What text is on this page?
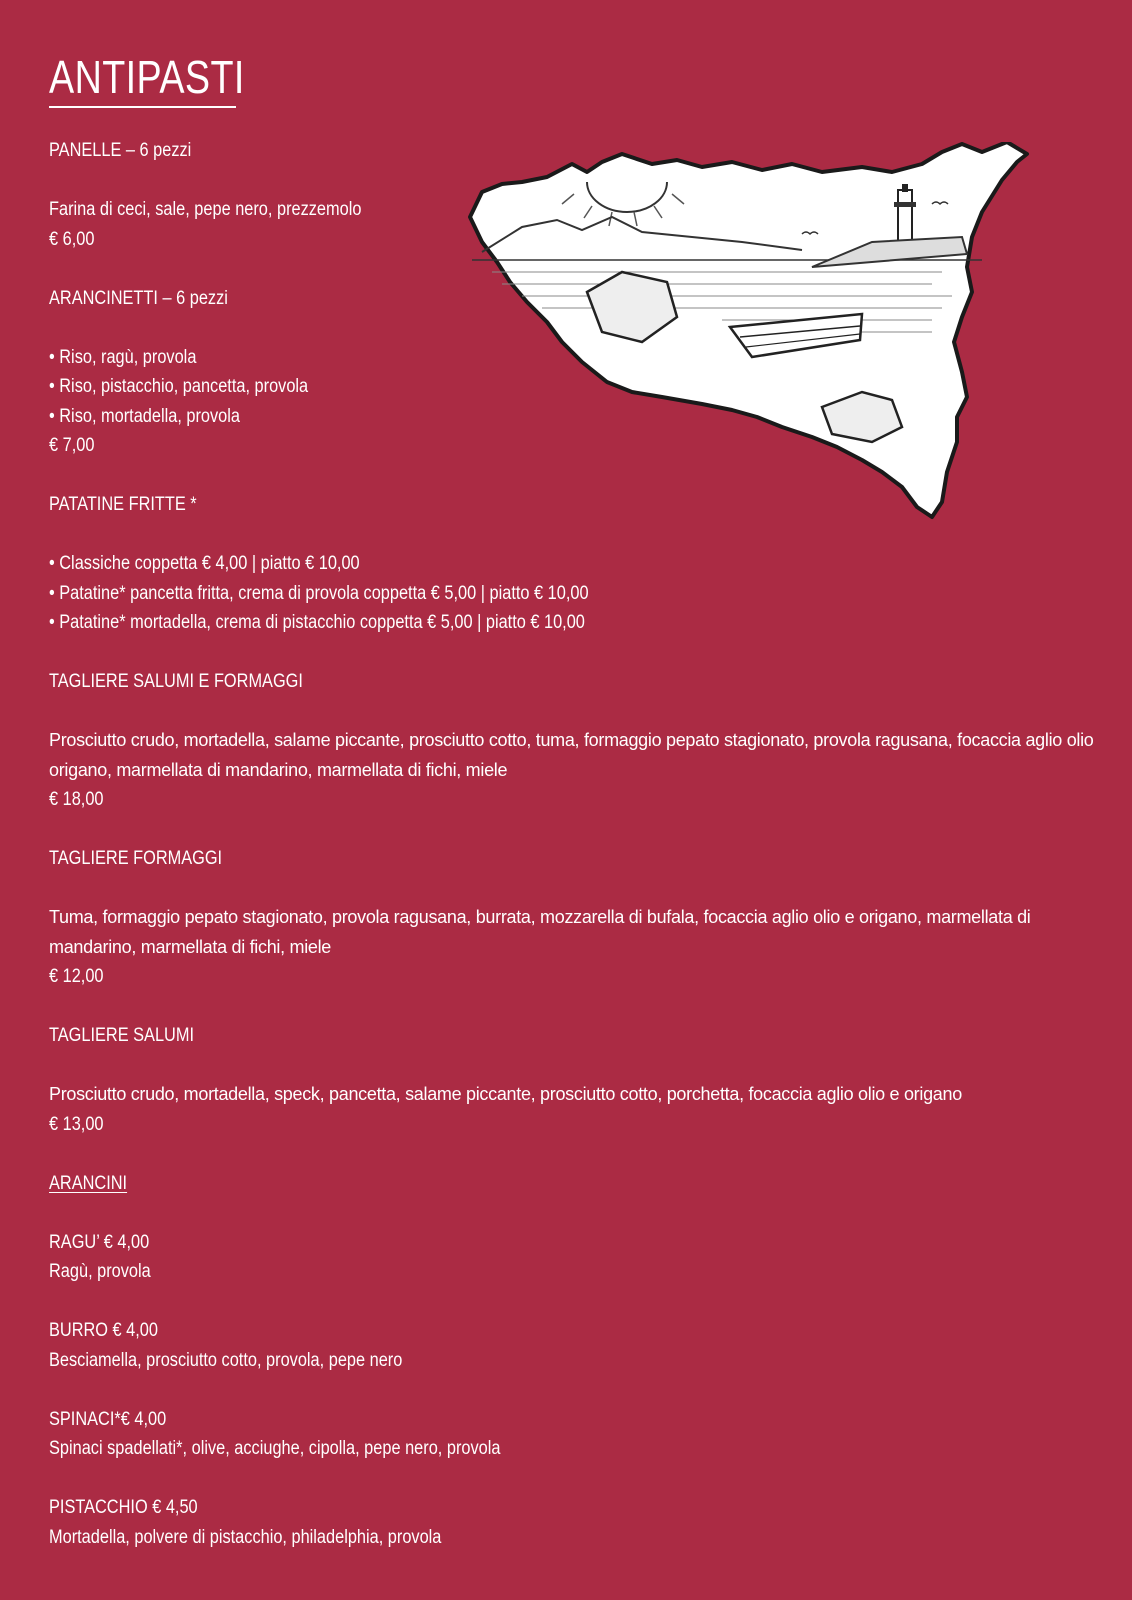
ANTIPASTI
PANELLE – 6 pezzi
Farina di ceci, sale, pepe nero, prezzemolo
€ 6,00
ARANCINETTI – 6 pezzi
• Riso, ragù, provola
• Riso, pistacchio, pancetta, provola
• Riso, mortadella, provola
€ 7,00
PATATINE FRITTE *
• Classiche coppetta € 4,00 | piatto € 10,00
• Patatine* pancetta fritta, crema di provola coppetta € 5,00 | piatto € 10,00
• Patatine* mortadella, crema di pistacchio coppetta € 5,00 | piatto € 10,00
TAGLIERE SALUMI E FORMAGGI
Prosciutto crudo, mortadella, salame piccante, prosciutto cotto, tuma, formaggio pepato stagionato, provola ragusana, focaccia aglio olio origano, marmellata di mandarino, marmellata di fichi, miele
€ 18,00
TAGLIERE FORMAGGI
Tuma, formaggio pepato stagionato, provola ragusana, burrata, mozzarella di bufala, focaccia aglio olio e origano, marmellata di mandarino, marmellata di fichi, miele
€ 12,00
TAGLIERE SALUMI
Prosciutto crudo, mortadella, speck, pancetta, salame piccante, prosciutto cotto, porchetta, focaccia aglio olio e origano
€ 13,00
ARANCINI
RAGU’ € 4,00
Ragù, provola
BURRO € 4,00
Besciamella, prosciutto cotto, provola, pepe nero
SPINACI*€ 4,00
Spinaci spadellati*, olive, acciughe, cipolla, pepe nero, provola
PISTACCHIO € 4,50
Mortadella, polvere di pistacchio, philadelphia, provola
